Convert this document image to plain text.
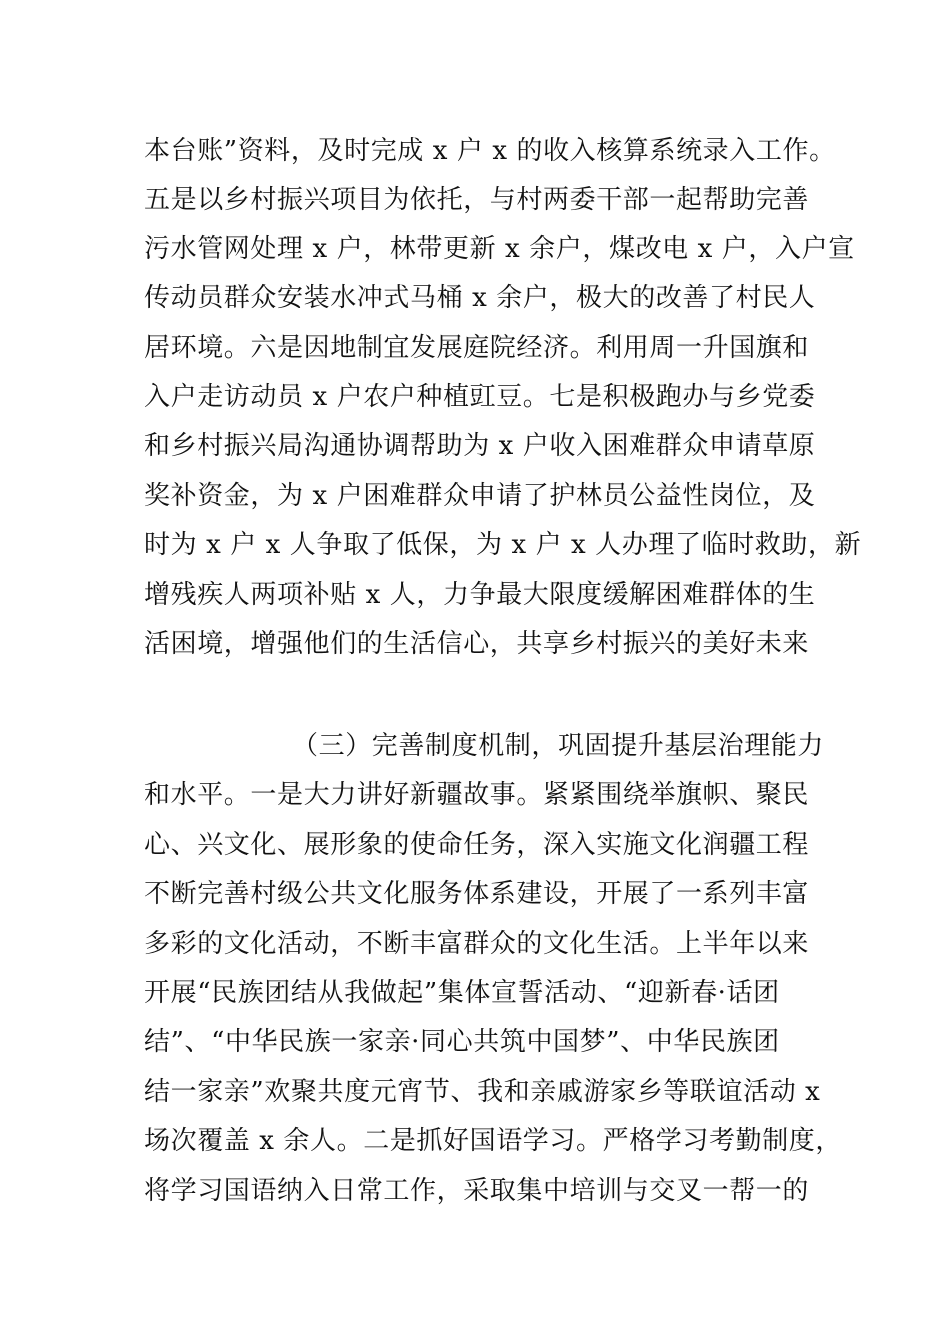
本台账”资料，及时完成 x 户 x 的收入核算系统录入工作。
五是以乡村振兴项目为依托，与村两委干部一起帮助完善
污水管网处理 x 户，林带更新 x 余户，煤改电 x 户，入户宣
传动员群众安装水冲式马桶 x 余户，极大的改善了村民人
居环境。六是因地制宜发展庭院经济。利用周一升国旗和
入户走访动员 x 户农户种植豇豆。七是积极跑办与乡党委
和乡村振兴局沟通协调帮助为 x 户收入困难群众申请草原
奖补资金，为 x 户困难群众申请了护林员公益性岗位，及
时为 x 户 x 人争取了低保，为 x 户 x 人办理了临时救助，新
增残疾人两项补贴 x 人，力争最大限度缓解困难群体的生
活困境，增强他们的生活信心，共享乡村振兴的美好未来
（三）完善制度机制，巩固提升基层治理能力
和水平。一是大力讲好新疆故事。紧紧围绕举旗帜、聚民
心、兴文化、展形象的使命任务，深入实施文化润疆工程
不断完善村级公共文化服务体系建设，开展了一系列丰富
多彩的文化活动，不断丰富群众的文化生活。上半年以来
开展“民族团结从我做起”集体宣誓活动、“迎新春·话团
结”、“中华民族一家亲·同心共筑中国梦”、中华民族团
结一家亲”欢聚共度元宵节、我和亲戚游家乡等联谊活动 x
场次覆盖 x 余人。二是抓好国语学习。严格学习考勤制度，
将学习国语纳入日常工作，采取集中培训与交叉一帮一的
